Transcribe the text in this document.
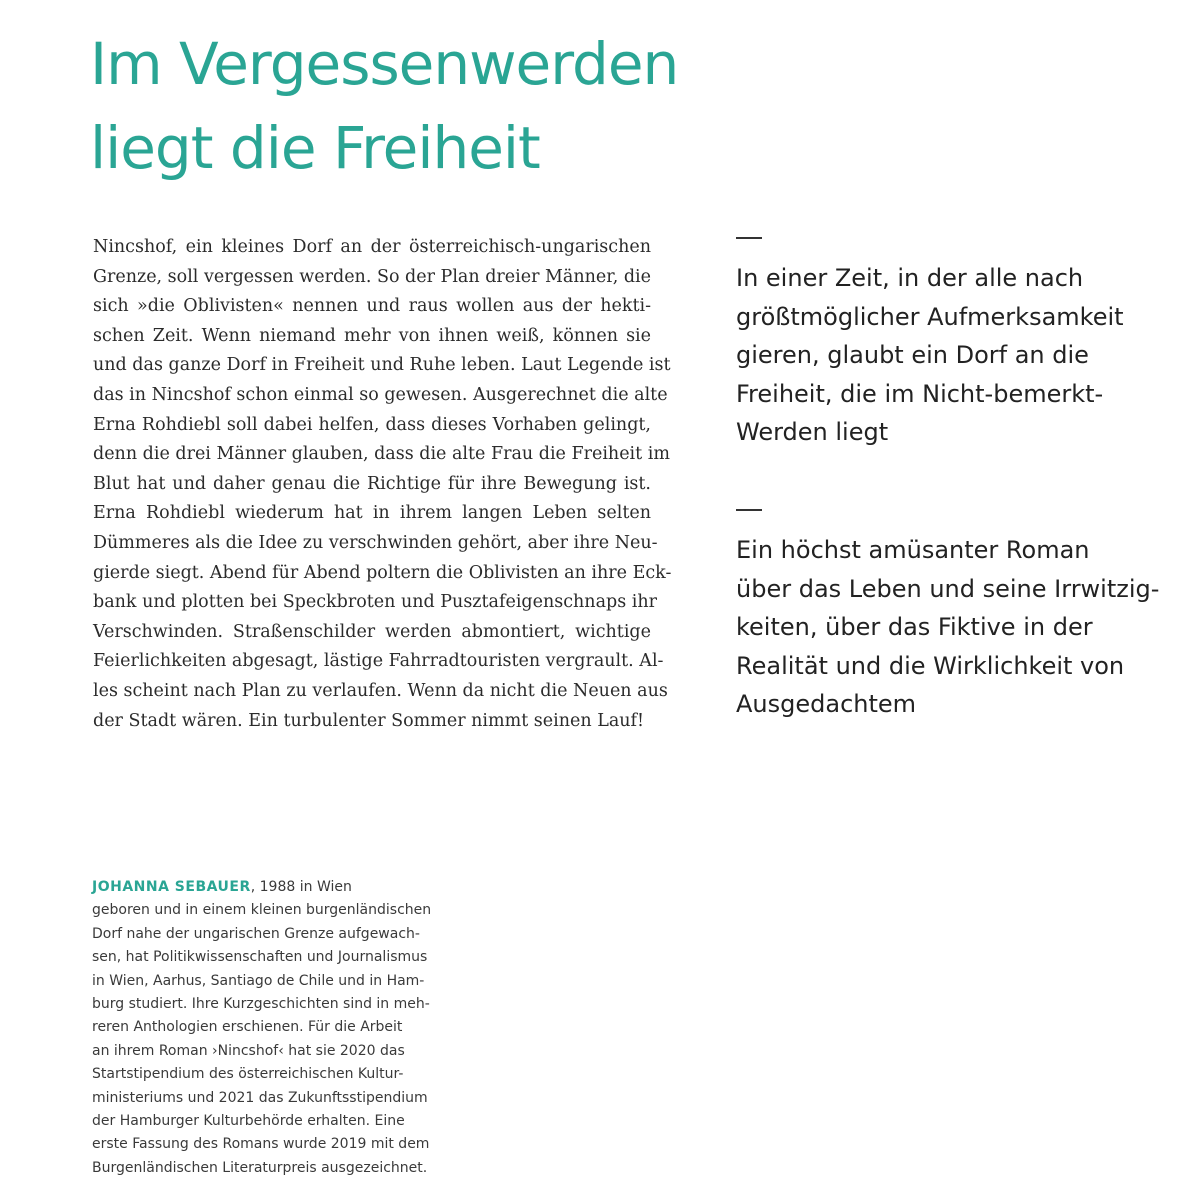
Im Vergessenwerden
liegt die Freiheit
Nincshof, ein kleines Dorf an der österreichisch-ungarischen
Grenze, soll vergessen werden. So der Plan dreier Männer, die
sich »die Oblivisten« nennen und raus wollen aus der hekti-
schen Zeit. Wenn niemand mehr von ihnen weiß, können sie
und das ganze Dorf in Freiheit und Ruhe leben. Laut Legende ist
das in Nincshof schon einmal so gewesen. Ausgerechnet die alte
Erna Rohdiebl soll dabei helfen, dass dieses Vorhaben gelingt,
denn die drei Männer glauben, dass die alte Frau die Freiheit im
Blut hat und daher genau die Richtige für ihre Bewegung ist.
Erna Rohdiebl wiederum hat in ihrem langen Leben selten
Dümmeres als die Idee zu verschwinden gehört, aber ihre Neu-
gierde siegt. Abend für Abend poltern die Oblivisten an ihre Eck-
bank und plotten bei Speckbroten und Pusztafeigenschnaps ihr
Verschwinden. Straßenschilder werden abmontiert, wichtige
Feierlichkeiten abgesagt, lästige Fahrradtouristen vergrault. Al-
les scheint nach Plan zu verlaufen. Wenn da nicht die Neuen aus
der Stadt wären. Ein turbulenter Sommer nimmt seinen Lauf!
In einer Zeit, in der alle nach
größtmöglicher Aufmerksamkeit
gieren, glaubt ein Dorf an die
Freiheit, die im Nicht-bemerkt-
Werden liegt
Ein höchst amüsanter Roman
über das Leben und seine Irrwitzig-
keiten, über das Fiktive in der
Realität und die Wirklichkeit von
Ausgedachtem
JOHANNA SEBAUER, 1988 in Wien
geboren und in einem kleinen burgenländischen
Dorf nahe der ungarischen Grenze aufgewach-
sen, hat Politikwissenschaften und Journalismus
in Wien, Aarhus, Santiago de Chile und in Ham-
burg studiert. Ihre Kurzgeschichten sind in meh-
reren Anthologien erschienen. Für die Arbeit
an ihrem Roman ›Nincshof‹ hat sie 2020 das
Startstipendium des österreichischen Kultur-
ministeriums und 2021 das Zukunftsstipendium
der Hamburger Kulturbehörde erhalten. Eine
erste Fassung des Romans wurde 2019 mit dem
Burgenländischen Literaturpreis ausgezeichnet.
